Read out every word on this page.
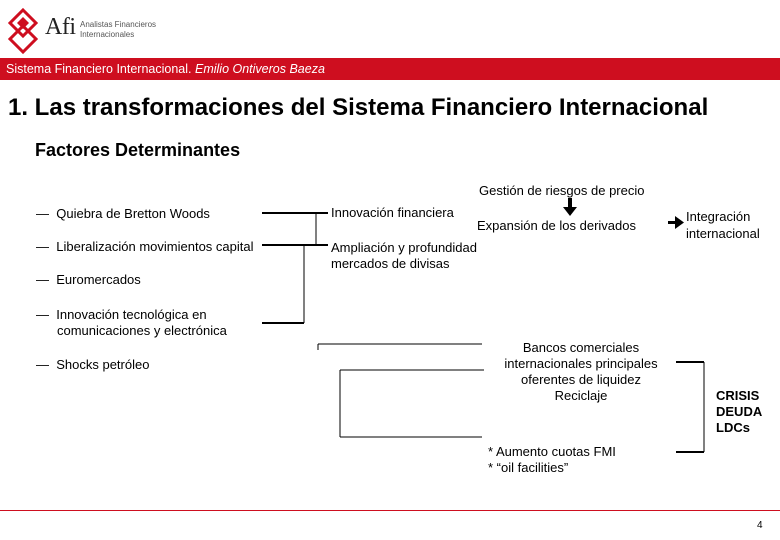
Afi Analistas Financieros
Internacionales
Sistema Financiero Internacional. Emilio Ontiveros Baeza
1. Las transformaciones del Sistema Financiero Internacional
Factores Determinantes
— Quiebra de Bretton Woods
— Liberalización movimientos capital
— Euromercados
— Innovación tecnológica en
comunicaciones y electrónica
— Shocks petróleo
Innovación financiera
Ampliación y profundidad
mercados de divisas
Gestión de riesgos de precio
Expansión de los derivados
Integración
internacional
Bancos comerciales
internacionales principales
oferentes de liquidez
Reciclaje	CRISIS
DEUDA
LDCs
* Aumento cuotas FMI
* “oil facilities”
4
